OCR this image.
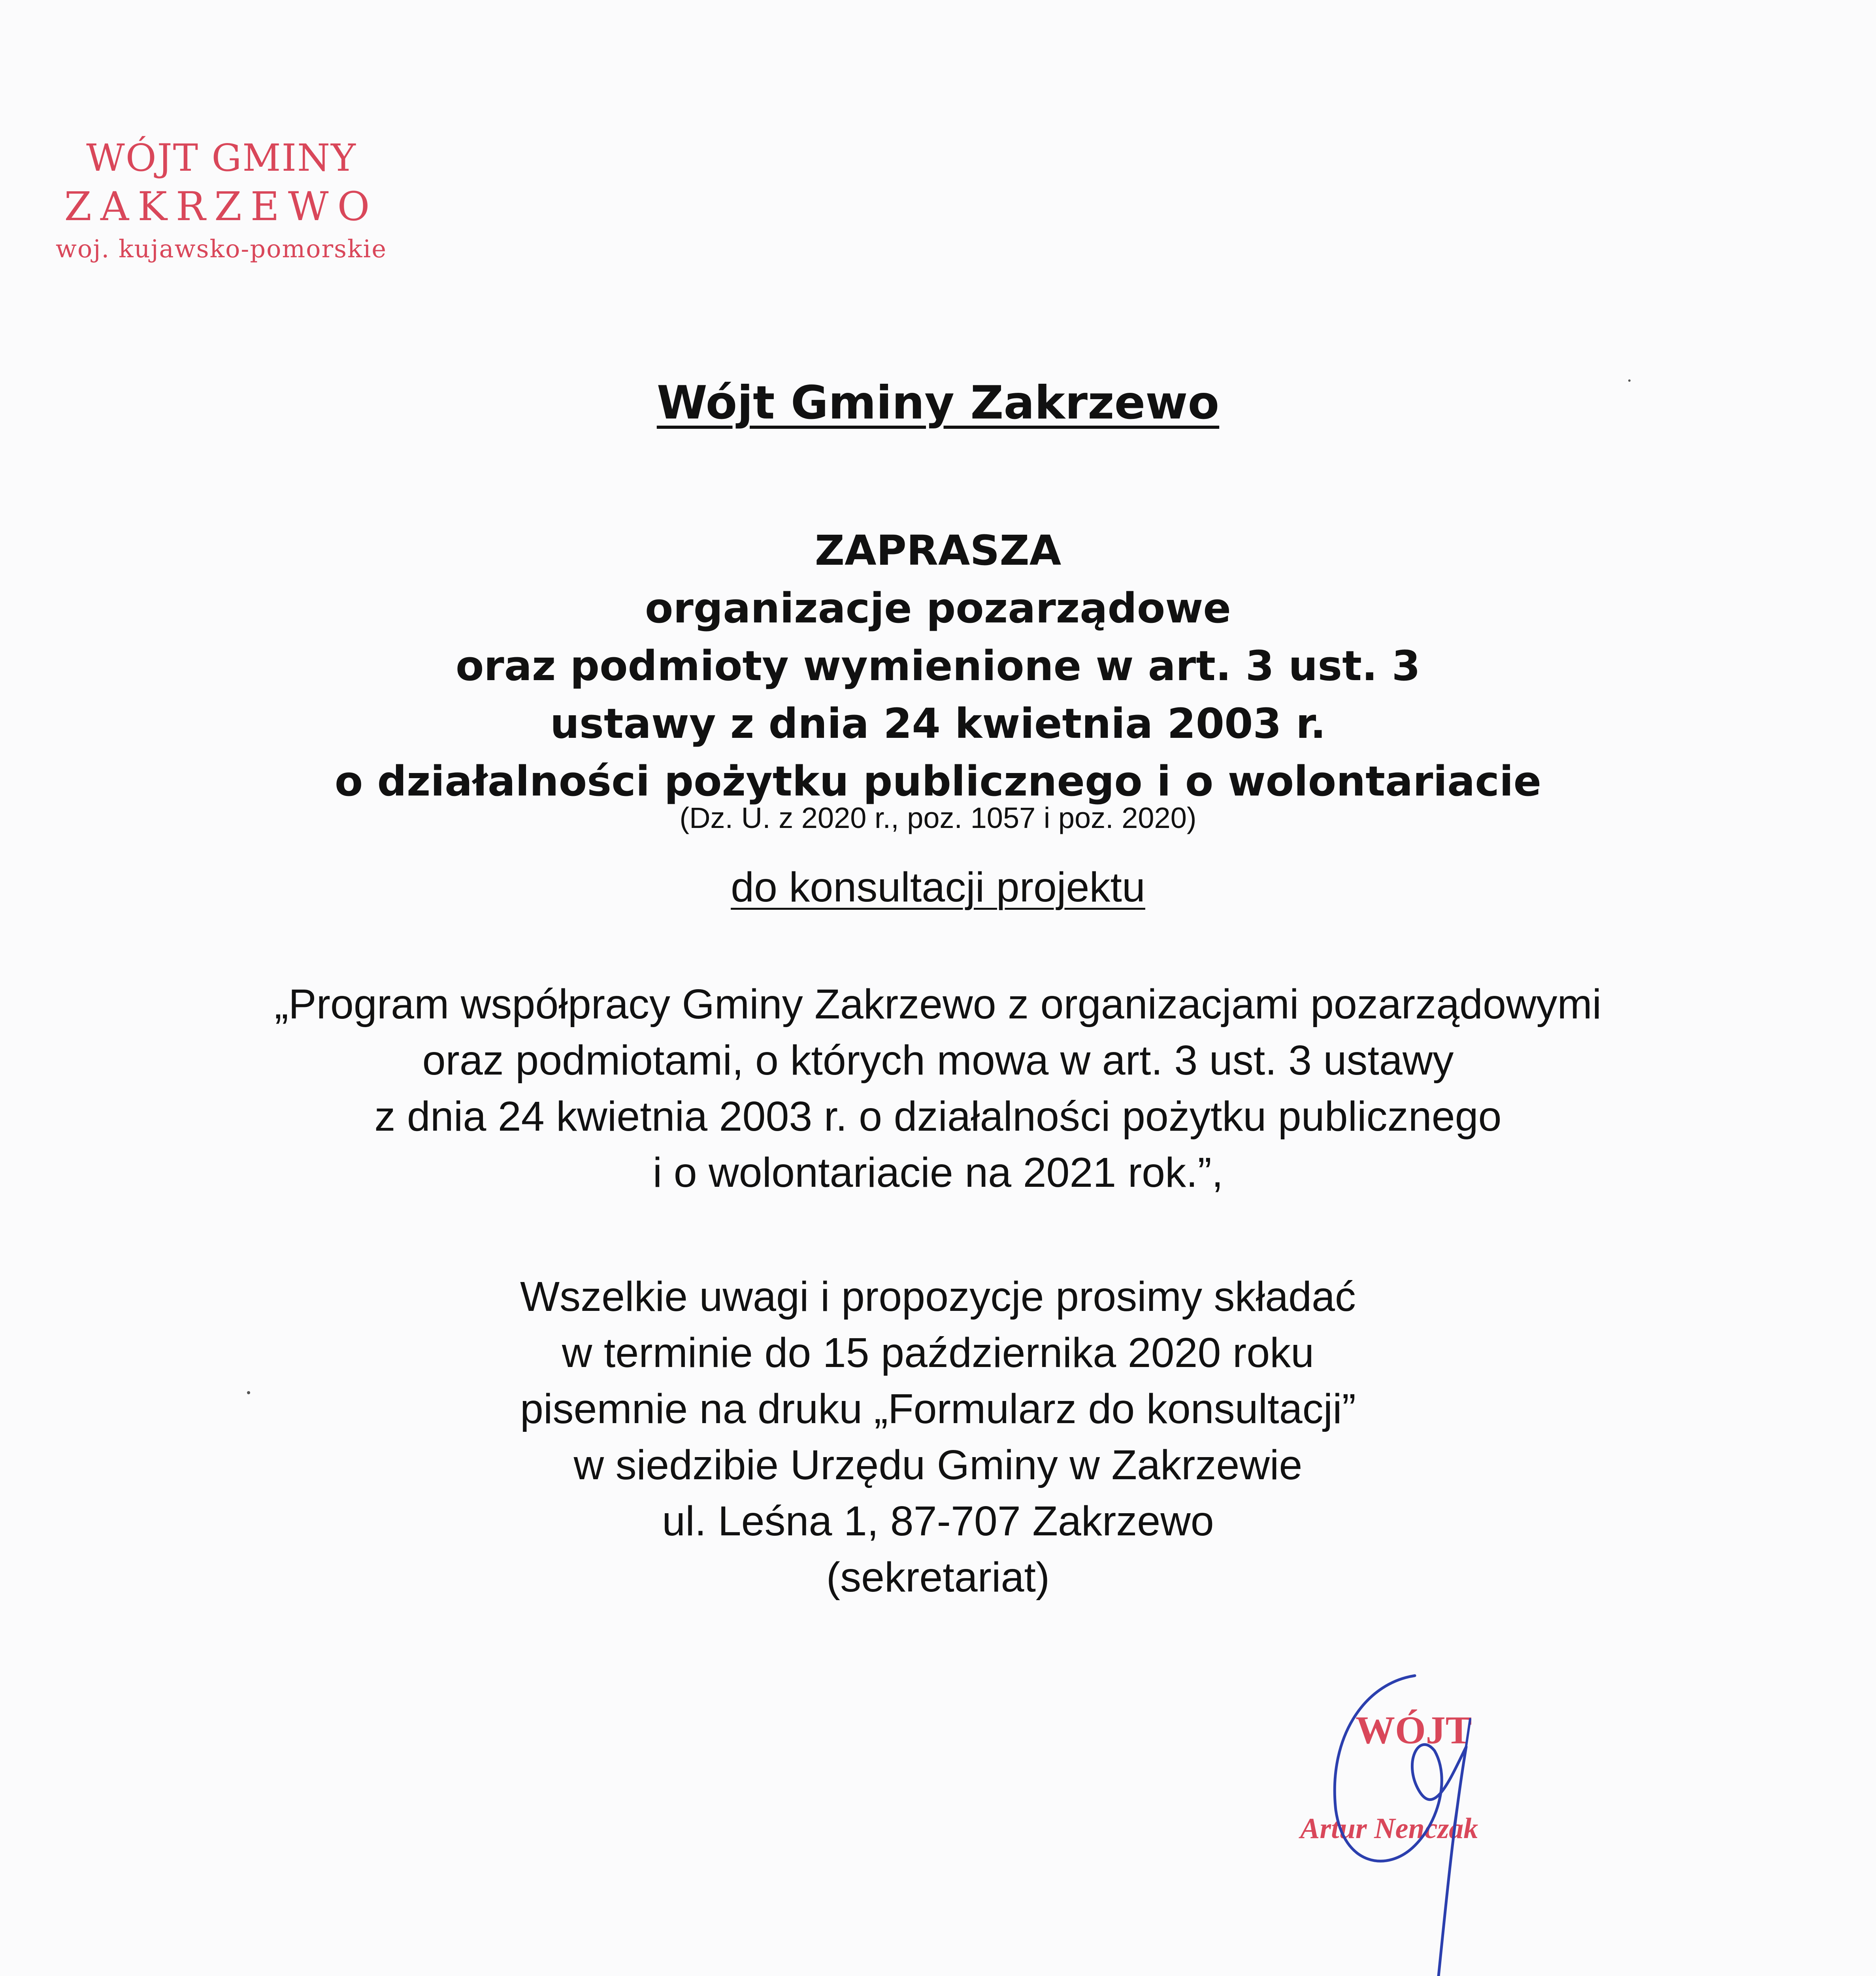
WÓJT GMINY
ZAKRZEWO
woj. kujawsko-pomorskie
Wójt Gminy Zakrzewo
ZAPRASZA
organizacje pozarządowe
oraz podmioty wymienione w art. 3 ust. 3
ustawy z dnia 24 kwietnia 2003 r.
o działalności pożytku publicznego i o wolontariacie
(Dz. U. z 2020 r., poz. 1057 i poz. 2020)
do konsultacji projektu
„Program współpracy Gminy Zakrzewo z organizacjami pozarządowymi
oraz podmiotami, o których mowa w art. 3 ust. 3 ustawy
z dnia 24 kwietnia 2003 r. o działalności pożytku publicznego
i o wolontariacie na 2021 rok.”,
Wszelkie uwagi i propozycje prosimy składać
w terminie do 15 października 2020 roku
pisemnie na druku „Formularz do konsultacji”
w siedzibie Urzędu Gminy w Zakrzewie
ul. Leśna 1, 87-707 Zakrzewo
(sekretariat)
WÓJT
Artur Nenczak
